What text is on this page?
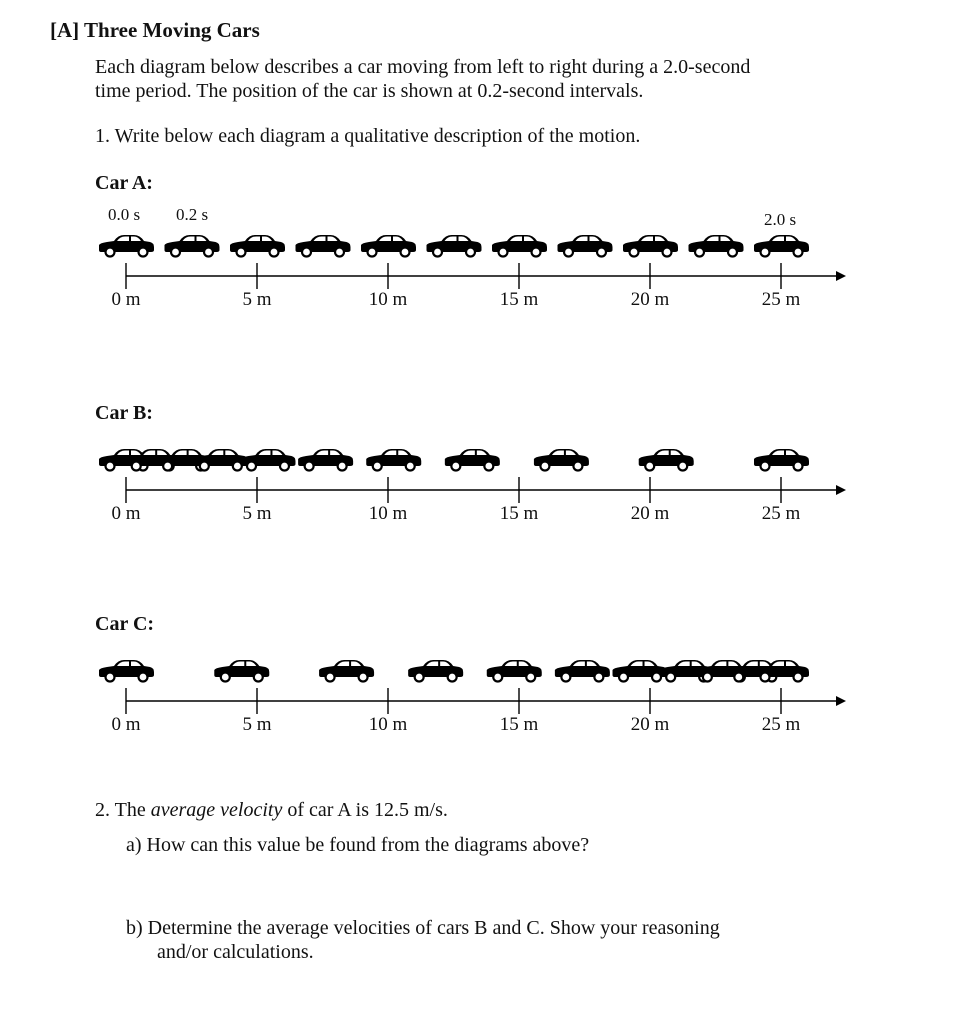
[A] Three Moving Cars
Each diagram below describes a car moving from left to right during a 2.0-second
time period. The position of the car is shown at 0.2-second intervals.
1. Write below each diagram a qualitative description of the motion.
Car A:
0.0 s 0.2 s	2.0 s
0 m	5 m	10 m	15 m	20 m	25 m
Car B:
0 m	5 m	10 m	15 m	20 m	25 m
Car C:
0 m	5 m	10 m	15 m	20 m	25 m
2. The average velocity of car A is 12.5 m/s.
a) How can this value be found from the diagrams above?
b) Determine the average velocities of cars B and C. Show your reasoning
and/or calculations.
